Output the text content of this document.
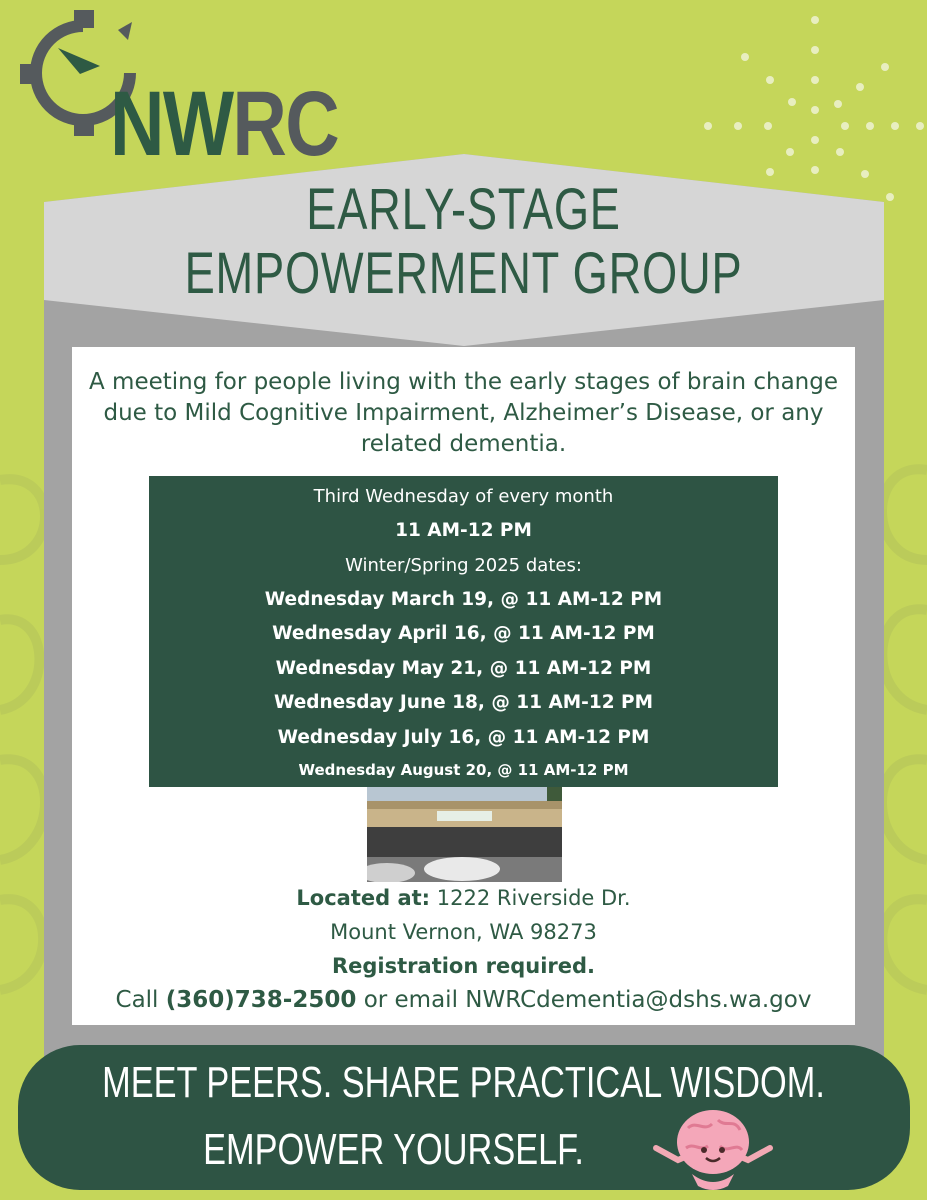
NWRC
EARLY-STAGE
EMPOWERMENT GROUP
A meeting for people living with the early stages of brain change due to Mild Cognitive Impairment, Alzheimer’s Disease, or any related dementia.
Third Wednesday of every month
11 AM-12 PM
Winter/Spring 2025 dates:
Wednesday March 19, @ 11 AM-12 PM
Wednesday April 16, @ 11 AM-12 PM
Wednesday May 21, @ 11 AM-12 PM
Wednesday June 18, @ 11 AM-12 PM
Wednesday July 16, @ 11 AM-12 PM
Wednesday August 20, @ 11 AM-12 PM
Located at: 1222 Riverside Dr.
Mount Vernon, WA 98273
Registration required.
Call (360)738-2500 or email NWRCdementia@dshs.wa.gov
MEET PEERS. SHARE PRACTICAL WISDOM.
EMPOWER YOURSELF.
